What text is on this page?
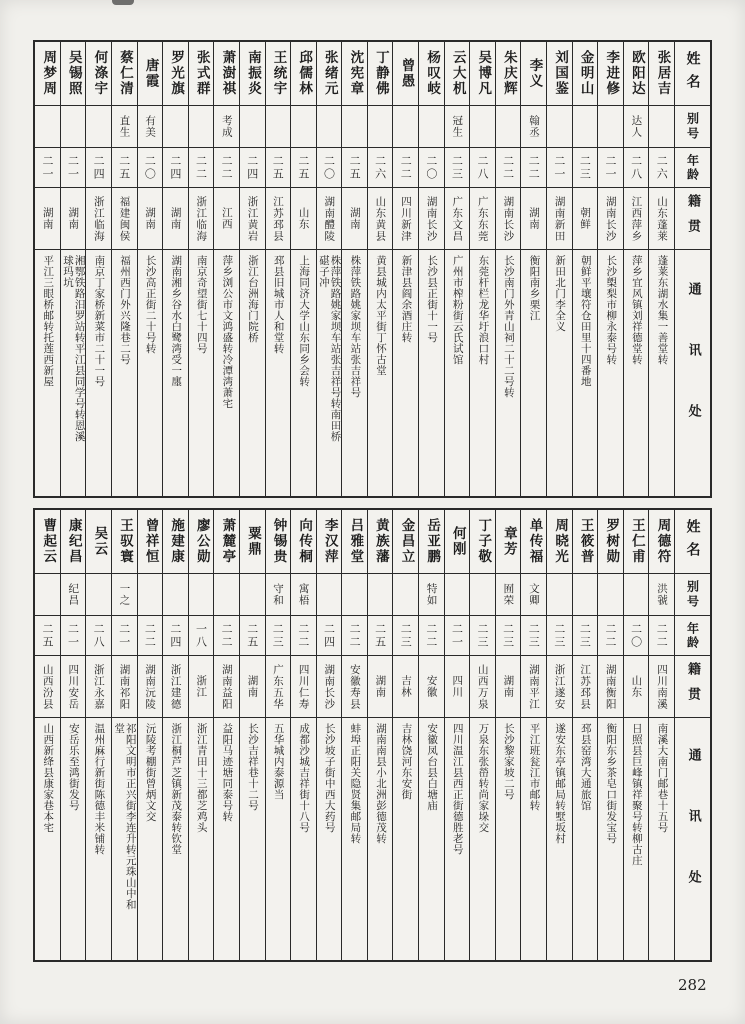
姓名
别号
年龄
籍贯
通讯处
张居吉
二六
山东蓬莱
蓬莱东湖水集一善堂转
欧阳达
达人
二八
江西萍乡
萍乡宜风镇刘祥德堂转
李进修
二一
湖南长沙
长沙㮾梨市柳永泰号转
金明山
二三
朝鲜
朝鲜平壤符仓田里十四番地
刘国鉴
二一
湖南新田
新田北门李全义
李义
翰丞
二二
湖南
衡阳南乡栗江
朱庆辉
二二
湖南长沙
长沙南门外青山祠二十二号转
吴博凡
二八
广东东莞
东莞杆栏龙华圩浪口村
云大机
冠生
二三
广东文昌
广州市榨粉街云氏试馆
杨叹岐
二〇
湖南长沙
长沙县正街十一号
曾愚
二二
四川新津
新津县阎余酒庄转
丁静佛
二六
山东黄县
黄县城内太平街丁怀古堂
沈宪章
二五
湖南
株萍铁路姚家坝车站张吉祥号
张绪元
二〇
湖南醴陵
株萍铁路姚家坝车站张吉祥号转南田桥碪子冲
邱儒林
二五
山东
上海同济大学山东同乡会转
王统宇
二五
江苏邳县
邳县旧城市人和堂转
南振炎
二四
浙江黄岩
浙江台洲海门院桥
萧澍祺
考成
二二
江西
萍乡浏公市文鸿盛转冷潭湾萧宅
张式群
二二
浙江临海
南京奇望街七十四号
罗光旗
二四
湖南
湖南湘乡谷水白鹭湾受一廛
唐霞
有美
二〇
湖南
长沙高正街二十号转
蔡仁清
直生
二五
福建闽侯
福州西门外兴隆巷二号
何涤宇
二四
浙江临海
南京丁家桥新菜市二十一号
吴锡照
二一
湖南
湘鄂铁路汨罗站转平江县同学号转恩溪球玛坑
周梦周
二一
湖南
平江三眼桥邮转托莲西新屋
姓名
别号
年龄
籍贯
通讯处
周德符
洪虢
二二
四川南溪
南溪大南门邮巷十五号
王仁甫
二〇
山东
日照县巨峰镇祥聚号转柳古庄
罗树勋
二二
湖南衡阳
衡阳东乡茶皂口街发宝号
王筱普
二三
江苏邳县
邳县窑湾大通旅馆
周晓光
二三
浙江遂安
遂安东亭镇邮局转墅坂村
单传福
文卿
二三
湖南平江
平江班瓮江市邮转
章芳
囿荣
二三
湖南
长沙黎家坡二号
丁子敬
二三
山西万泉
万泉东张嵤转尚家垛交
何刚
二一
四川
四川温江县西正街德胜老号
岳亚鹏
特如
二二
安徽
安徽凤台县白塘庙
金昌立
二三
吉林
吉林饶河东安街
黄族藩
二五
湖南
湖南南县小北洲彭德茂转
吕雅堂
二二
安徽寿县
蚌埠正阳关隐贤集邮局转
李汉萍
二四
湖南长沙
长沙坡子街中西大药号
向传桐
寓梧
二二
四川仁寿
成都沙城吉祥街十八号
钟锡贵
守和
二三
广东五华
五华城内泰源当
粟鼎
二五
湖南
长沙吉祥巷十二号
萧麓亭
二二
湖南益阳
益阳马迹塘同泰号转
廖公勋
一八
浙江
浙江青田十三都芝鸡头
施建康
二四
浙江建德
浙江桐芦芝镇新茂泰转钦堂
曾祥恒
二二
湖南沅陵
沅陵考棚街曾炳文交
王驭寰
一之
二一
湖南祁阳
祁阳文明市正兴街李连升转元珠山中和堂
吴云
二八
浙江永嘉
温州麻行新街陈德丰米铺转
康纪昌
纪昌
二一
四川安岳
安岳乐至鸿街发号
曹起云
二五
山西汾县
山西新绛县康家巷本宅
282
